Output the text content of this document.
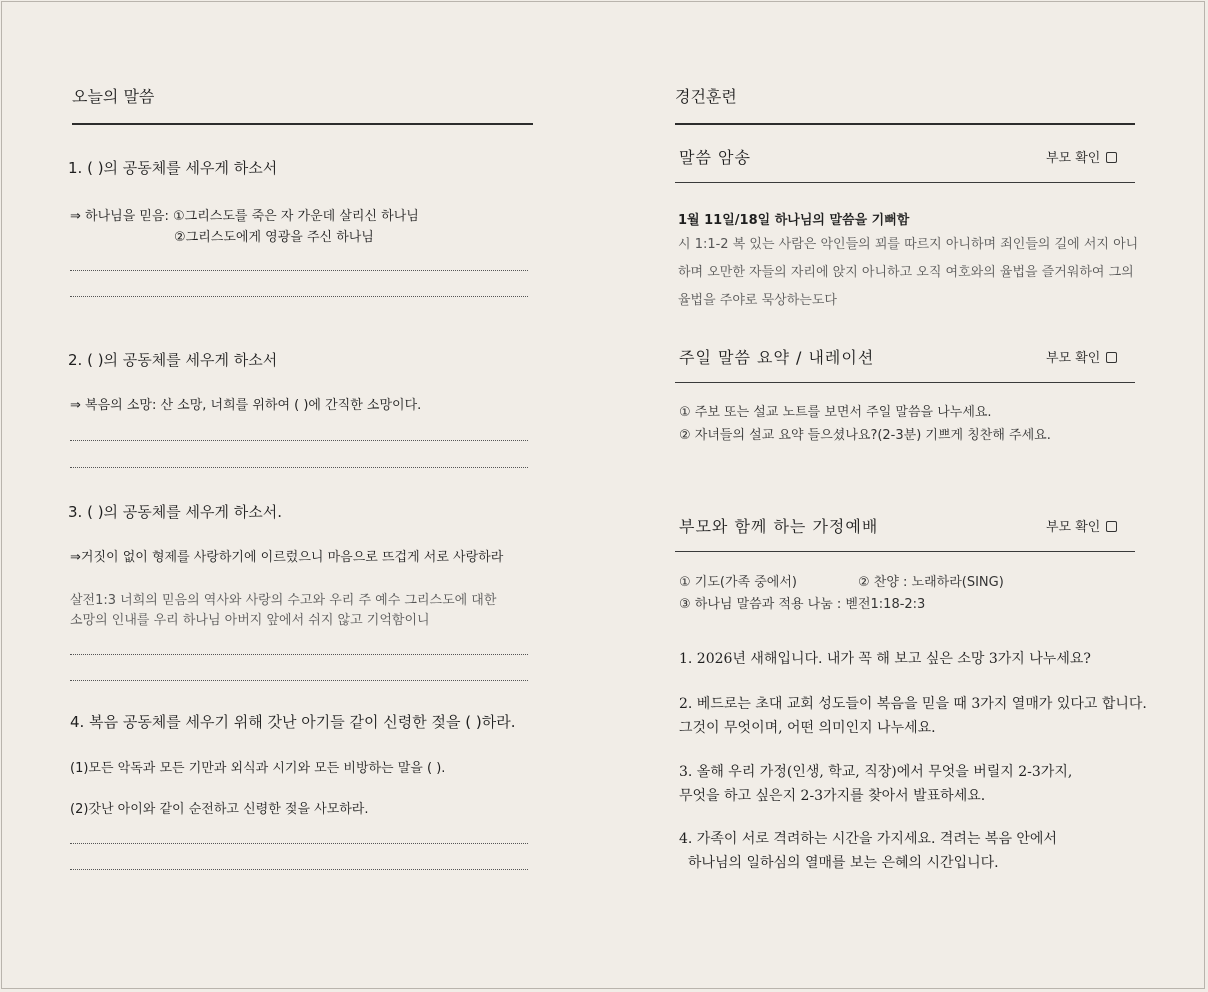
오늘의 말씀
1. ( )의 공동체를 세우게 하소서
⇒ 하나님을 믿음: ①그리스도를 죽은 자 가운데 살리신 하나님
②그리스도에게 영광을 주신 하나님
2. ( )의 공동체를 세우게 하소서
⇒ 복음의 소망: 산 소망, 너희를 위하여 ( )에 간직한 소망이다.
3. ( )의 공동체를 세우게 하소서.
⇒거짓이 없이 형제를 사랑하기에 이르렀으니 마음으로 뜨겁게 서로 사랑하라
살전1:3 너희의 믿음의 역사와 사랑의 수고와 우리 주 예수 그리스도에 대한
소망의 인내를 우리 하나님 아버지 앞에서 쉬지 않고 기억함이니
4. 복음 공동체를 세우기 위해 갓난 아기들 같이 신령한 젖을 ( )하라.
(1)모든 악독과 모든 기만과 외식과 시기와 모든 비방하는 말을 ( ).
(2)갓난 아이와 같이 순전하고 신령한 젖을 사모하라.
경건훈련
말씀 암송	부모 확인
1월 11일/18일 하나님의 말씀을 기뻐함
시 1:1-2 복 있는 사람은 악인들의 꾀를 따르지 아니하며 죄인들의 길에 서지 아니하며 오만한 자들의 자리에 앉지 아니하고 오직 여호와의 율법을 즐거워하여 그의 율법을 주야로 묵상하는도다
주일 말씀 요약 / 내레이션	부모 확인
① 주보 또는 설교 노트를 보면서 주일 말씀을 나누세요.
② 자녀들의 설교 요약 들으셨나요?(2-3분) 기쁘게 칭찬해 주세요.
부모와 함께 하는 가정예배	부모 확인
① 기도(가족 중에서)	② 찬양 : 노래하라(SING)
③ 하나님 말씀과 적용 나눔 : 벧전1:18-2:3
1. 2026년 새해입니다. 내가 꼭 해 보고 싶은 소망 3가지 나누세요?
2. 베드로는 초대 교회 성도들이 복음을 믿을 때 3가지 열매가 있다고 합니다. 그것이 무엇이며, 어떤 의미인지 나누세요.
3. 올해 우리 가정(인생, 학교, 직장)에서 무엇을 버릴지 2-3가지,
무엇을 하고 싶은지 2-3가지를 찾아서 발표하세요.
4. 가족이 서로 격려하는 시간을 가지세요. 격려는 복음 안에서
하나님의 일하심의 열매를 보는 은혜의 시간입니다.
